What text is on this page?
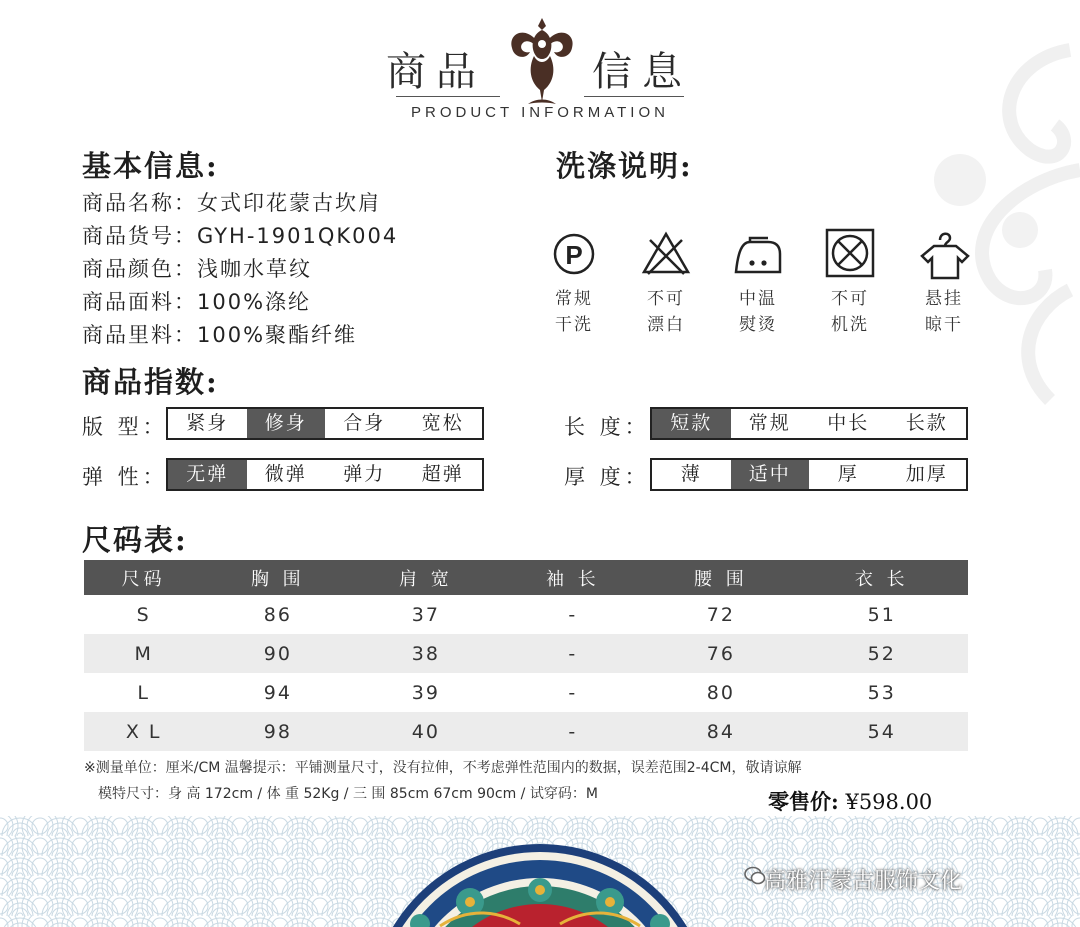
商品	信息
PRODUCT INFORMATION
基本信息:
商品名称：女式印花蒙古坎肩
商品货号：GYH-1901QK004
商品颜色：浅咖水草纹
商品面料：100%涤纶
商品里料：100%聚酯纤维
洗涤说明:
P
常规
干洗
不可
漂白
中温
熨烫
不可
机洗
悬挂
晾干
商品指数:
版 型： 紧身	修身	合身	宽松
弹 性： 无弹	微弹	弹力	超弹
长 度：	短款	常规	中长	长款
厚 度：	薄	适中	厚	加厚
尺码表:
尺码	胸 围	肩 宽	袖 长	腰 围	衣 长
S	86	37	-	72	51
M	90	38	-	76	52
L	94	39	-	80	53
X L	98	40	-	84	54
※测量单位：厘米/CM 温馨提示：平铺测量尺寸，没有拉伸，不考虑弹性范围内的数据，误差范围2-4CM，敬请谅解
模特尺寸：身 高 172cm / 体 重 52Kg / 三 围 85cm 67cm 90cm / 试穿码：M	零售价: ¥598.00
高雅汗蒙古服饰文化
